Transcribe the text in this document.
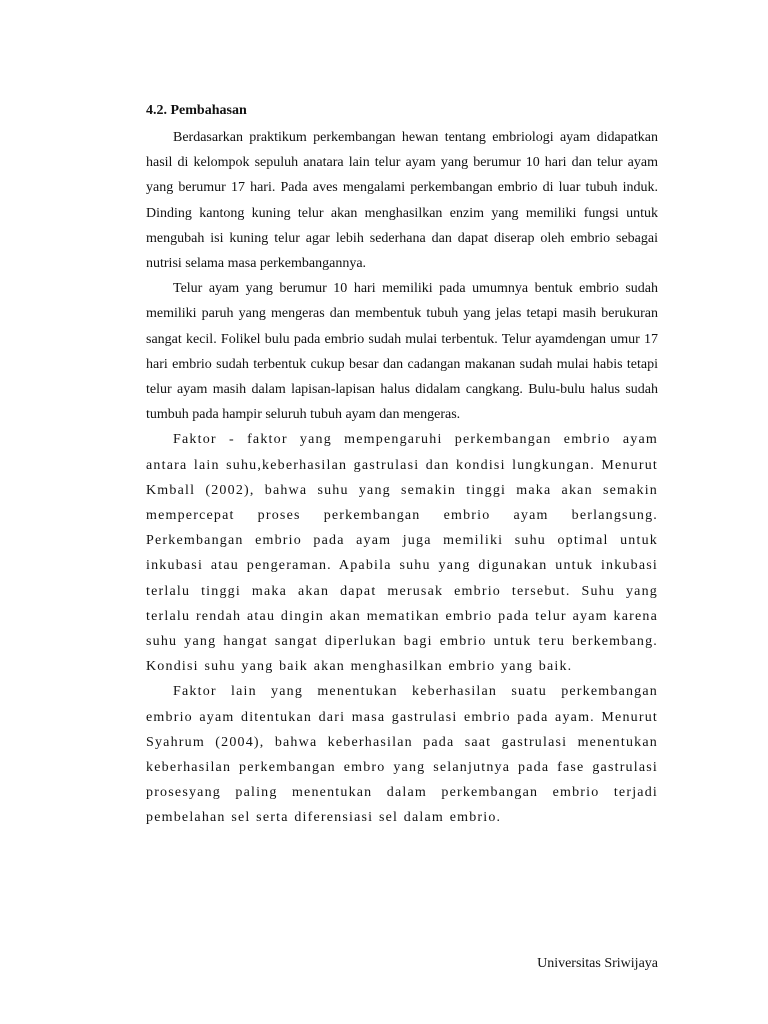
4.2. Pembahasan

Berdasarkan praktikum perkembangan hewan tentang embriologi ayam didapatkan hasil di kelompok sepuluh anatara lain telur ayam yang berumur 10 hari dan telur ayam yang berumur 17 hari. Pada aves mengalami perkembangan embrio di luar tubuh induk. Dinding kantong kuning telur akan menghasilkan enzim yang memiliki fungsi untuk mengubah isi kuning telur agar lebih sederhana dan dapat diserap oleh embrio sebagai nutrisi selama masa perkembangannya.

Telur ayam yang berumur 10 hari memiliki pada umumnya bentuk embrio sudah memiliki paruh yang mengeras dan membentuk tubuh yang jelas tetapi masih berukuran sangat kecil. Folikel bulu pada embrio sudah mulai terbentuk. Telur ayamdengan umur 17 hari embrio sudah terbentuk cukup besar dan cadangan makanan sudah mulai habis tetapi telur ayam masih dalam lapisan-lapisan halus didalam cangkang. Bulu-bulu halus sudah tumbuh pada hampir seluruh tubuh ayam dan mengeras.

Faktor - faktor yang mempengaruhi perkembangan embrio ayam antara lain suhu,keberhasilan gastrulasi dan kondisi lungkungan. Menurut Kmball (2002), bahwa suhu yang semakin tinggi maka akan semakin mempercepat proses perkembangan embrio ayam berlangsung. Perkembangan embrio pada ayam juga memiliki suhu optimal untuk inkubasi atau pengeraman. Apabila suhu yang digunakan untuk inkubasi terlalu tinggi maka akan dapat merusak embrio tersebut. Suhu yang terlalu rendah atau dingin akan mematikan embrio pada telur ayam karena suhu yang hangat sangat diperlukan bagi embrio untuk teru berkembang. Kondisi suhu yang baik akan menghasilkan embrio yang baik.

Faktor lain yang menentukan keberhasilan suatu perkembangan embrio ayam ditentukan dari masa gastrulasi embrio pada ayam. Menurut Syahrum (2004), bahwa keberhasilan pada saat gastrulasi menentukan keberhasilan perkembangan embro yang selanjutnya pada fase gastrulasi prosesyang paling menentukan dalam perkembangan embrio terjadi pembelahan sel serta diferensiasi sel dalam embrio.

Universitas Sriwijaya
